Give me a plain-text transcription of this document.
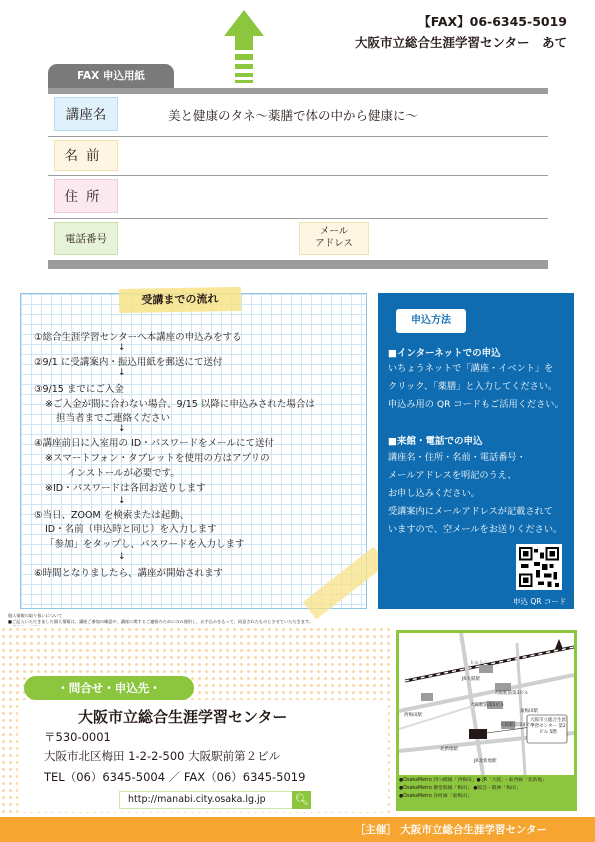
【FAX】06-6345-5019
大阪市立総合生涯学習センター　あて
FAX 申込用紙
講座名	美と健康のタネ～薬膳で体の中から健康に～
名前
住所
電話番号
メール
アドレス
受講までの流れ
①総合生涯学習センターへ本講座の申込みをする
↓
②9/1 に受講案内・振込用紙を郵送にて送付
↓
③9/15 までにご入金
※ご入金が間に合わない場合、9/15 以降に申込みされた場合は
担当者までご連絡ください
↓
④講座前日に入室用の ID・パスワードをメールにて送付
※スマートフォン・タブレットを使用の方はアプリの
インストールが必要です。
※ID・パスワードは各回お送りします
↓
⑤当日、ZOOM を検索または起動、
ID・名前（申込時と同じ）を入力します
「参加」をタップし、パスワードを入力します
↓
⑥時間となりましたら、講座が開始されます
申込方法
■インターネットでの申込
いちょうネットで「講座・イベント」を
クリック、「薬膳」と入力してください。
申込み用の QR コードもご活用ください。
■来館・電話での申込
講座名・住所・名前・電話番号・
メールアドレスを明記のうえ、
お申し込みください。
受講案内にメールアドレスが記載されて
いますので、空メールをお送りください。
申込 QR コード
個人情報の取り扱いについて
■ご記入いただきました個人情報は、講座ご参加の確認や、講座に関するご連絡のためにのみ使用し、お手込みをもって、同意されたものとさせていただきます。
・問合せ・申込先・
大阪市立総合生涯学習センター
〒530-0001
大阪市北区梅田 1-2-2-500 大阪駅前第２ビル
TEL（06）6345-5004 ／ FAX（06）6345-5019
http://manabi.city.osaka.lg.jp	🔍︎
JR大阪駅
ヒルトン
大阪駅前第3ビル
大阪駅前第1ビル
大阪駅前第4ビル
西梅田駅
東梅田駅
北新地駅
JR北新地駅
大阪市立総合生涯学習センター 第2ビル 5階
●OsakaMetro 四つ橋線「西梅田」● JR「大阪」・東西線「北新地」
●OsakaMetro 御堂筋線「梅田」 ●阪急・阪神「梅田」
●OsakaMetro 谷町線「東梅田」
［主催］ 大阪市立総合生涯学習センター
